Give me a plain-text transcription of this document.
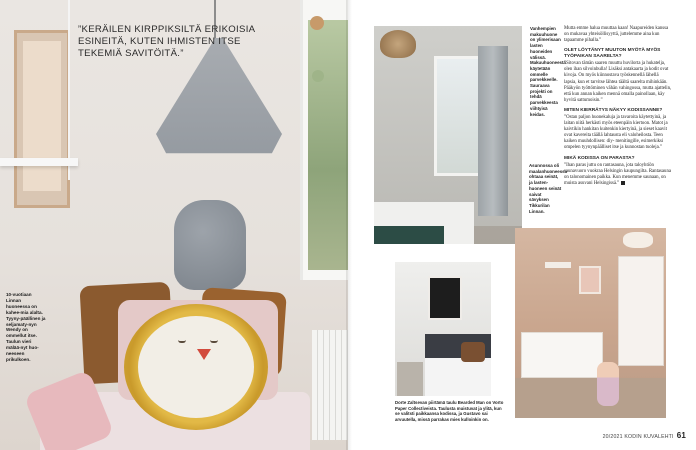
”KERÄILEN KIRPPIKSILTÄ ERIKOISIA ESINEITÄ, KUTEN IHMISTEN ITSE TEKEMIÄ SAVITÖITÄ.”
10-vuotiaan Linnan huoneessa on kahee-mia alalta. Tyyny-päällinen ja seljamaty-nyn Wendy on ommellut itse. Taulun vieri mälää-nyt huo-neeseen prikulkoen.
Vanhempien makuuhuone on ylimerisaan lasten huoneiden välissä. Makuuhuoneesta käytetään ommelle parvekkeelle. Sauraava projekti on tehdä parvekkeesta viihtyisä keidas.
Asunnossa oli maalanhuoneessa ohtaaa seinät, ja lasten-huoneen seinät saivat sävyksen Tikkurilan Linnan.
Dorte Zaltsevan piirtämä taulu Bearded Man on Vorto Paper Collectiveista. Taulusta muistuvat ja ylitä, kun se valitsti paikkaansa kodissa, ja Gustavo sai arvuutella, missä parrakas mies kulloinkin on.

Mutta emme halua muuttaa kaan! Naapureiden kanssa on mukavaa yhteisöllisyyttä, juttelemme aina kun tapaamme pihalla.”

OLET LÖYTÄNYT MUUTON MYÖTÄ MYÖS TYÖPAIKAN SAARELTA?

”Sitovan tämän saaren muuttu huvilorta ja hukatelja, olen ihan silvoinbulla! Lisäksi antakaarta ja kodit ovat kivoja. On myös kiinnostava työskennellä lähellä lapsia, kun et tarvitse lähtea täältä saarelta mihinkään. Pääkyön työttöminen vähän vahingossa, mutta ajattelin, että kun annan kaiken mennä omalla painollaan, käy hyvitä sattumoisin.”

MITEN KIERRÄTYS NÄKYY KODISSANNE?

”Ostan paljon huonekaluja ja tavaroita käytettyinä, ja laitan niitä herkästi myös eteenpäin kiertoon. Matot ja kaivtikin hankitan kuitenkin kiertyinä, ja sieset kaavit ovat kavereita täällä lahtausta eli valoheilosta. Teen kaiken muuhdollisen: diy- menitingille, esimerkiksi ompelen tyynynpäälliset itse ja kunnostan tuoleja.”

MIKÄ KODISSA ON PARASTA?

”Ihan paras juttu on rantasauna, jota taloyhtiön saunavuoro vuokraa Helsingin kaupungilta. Rantasauna on talonomainen paikka. Kun menemme saunaan, on muista asuvani Helsingissä.”

20/2021 KODIN KUVALEHTI 61
